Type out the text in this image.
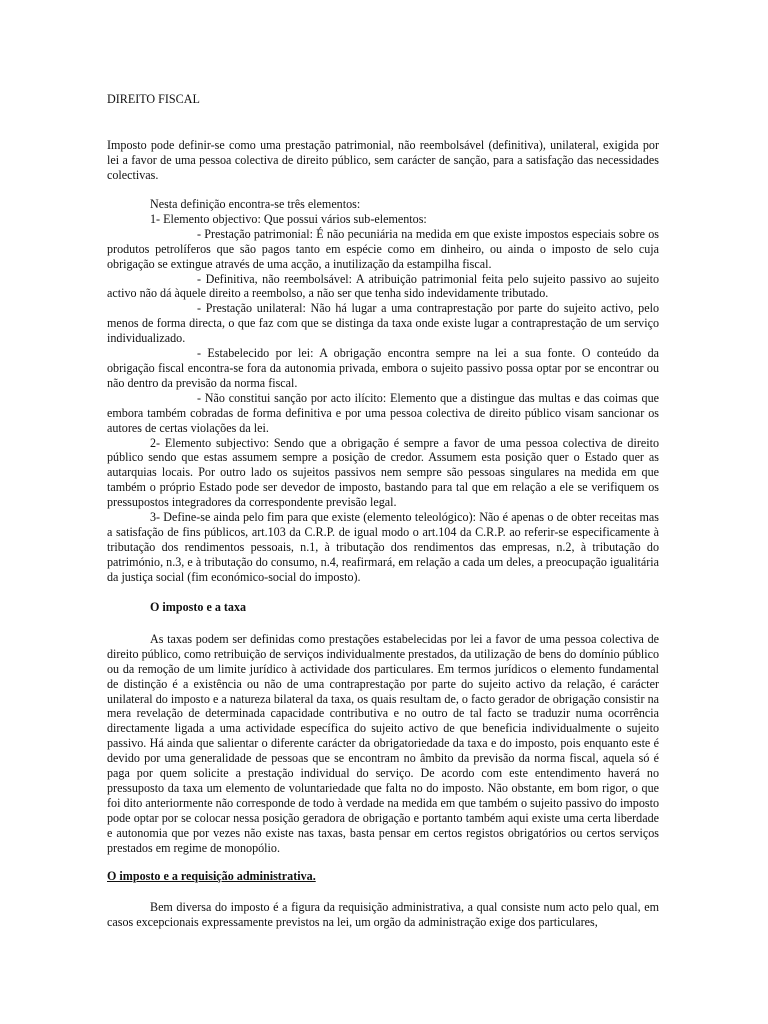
DIREITO FISCAL

Imposto pode definir-se como uma prestação patrimonial, não reembolsável (definitiva), unilateral, exigida por lei a favor de uma pessoa colectiva de direito público, sem carácter de sanção, para a satisfação das necessidades colectivas.

Nesta definição encontra-se três elementos:

1- Elemento objectivo: Que possui vários sub-elementos:

- Prestação patrimonial: É não pecuniária na medida em que existe impostos especiais sobre os produtos petrolíferos que são pagos tanto em espécie como em dinheiro, ou ainda o imposto de selo cuja obrigação se extingue através de uma acção, a inutilização da estampilha fiscal.

- Definitiva, não reembolsável: A atribuição patrimonial feita pelo sujeito passivo ao sujeito activo não dá àquele direito a reembolso, a não ser que tenha sido indevidamente tributado.

- Prestação unilateral: Não há lugar a uma contraprestação por parte do sujeito activo, pelo menos de forma directa, o que faz com que se distinga da taxa onde existe lugar a contraprestação de um serviço individualizado.

- Estabelecido por lei: A obrigação encontra sempre na lei a sua fonte. O conteúdo da obrigação fiscal encontra-se fora da autonomia privada, embora o sujeito passivo possa optar por se encontrar ou não dentro da previsão da norma fiscal.

- Não constitui sanção por acto ilícito: Elemento que a distingue das multas e das coimas que embora também cobradas de forma definitiva e por uma pessoa colectiva de direito público visam sancionar os autores de certas violações da lei.

2- Elemento subjectivo: Sendo que a obrigação é sempre a favor de uma pessoa colectiva de direito público sendo que estas assumem sempre a posição de credor. Assumem esta posição quer o Estado quer as autarquias locais. Por outro lado os sujeitos passivos nem sempre são pessoas singulares na medida em que também o próprio Estado pode ser devedor de imposto, bastando para tal que em relação a ele se verifiquem os pressupostos integradores da correspondente previsão legal.

3- Define-se ainda pelo fim para que existe (elemento teleológico): Não é apenas o de obter receitas mas a satisfação de fins públicos, art.103 da C.R.P. de igual modo o art.104 da C.R.P. ao referir-se especificamente à tributação dos rendimentos pessoais, n.1, à tributação dos rendimentos das empresas, n.2, à tributação do património, n.3, e à tributação do consumo, n.4, reafirmará, em relação a cada um deles, a preocupação igualitária da justiça social (fim económico-social do imposto).

O imposto e a taxa

As taxas podem ser definidas como prestações estabelecidas por lei a favor de uma pessoa colectiva de direito público, como retribuição de serviços individualmente prestados, da utilização de bens do domínio público ou da remoção de um limite jurídico à actividade dos particulares. Em termos jurídicos o elemento fundamental de distinção é a existência ou não de uma contraprestação por parte do sujeito activo da relação, é carácter unilateral do imposto e a natureza bilateral da taxa, os quais resultam de, o facto gerador de obrigação consistir na mera revelação de determinada capacidade contributiva e no outro de tal facto se traduzir numa ocorrência directamente ligada a uma actividade específica do sujeito activo de que beneficia individualmente o sujeito passivo. Há ainda que salientar o diferente carácter da obrigatoriedade da taxa e do imposto, pois enquanto este é devido por uma generalidade de pessoas que se encontram no âmbito da previsão da norma fiscal, aquela só é paga por quem solicite a prestação individual do serviço. De acordo com este entendimento haverá no pressuposto da taxa um elemento de voluntariedade que falta no do imposto. Não obstante, em bom rigor, o que foi dito anteriormente não corresponde de todo à verdade na medida em que também o sujeito passivo do imposto pode optar por se colocar nessa posição geradora de obrigação e portanto também aqui existe uma certa liberdade e autonomia que por vezes não existe nas taxas, basta pensar em certos registos obrigatórios ou certos serviços prestados em regime de monopólio.

O imposto e a requisição administrativa.

Bem diversa do imposto é a figura da requisição administrativa, a qual consiste num acto pelo qual, em casos excepcionais expressamente previstos na lei, um orgão da administração exige dos particulares,
